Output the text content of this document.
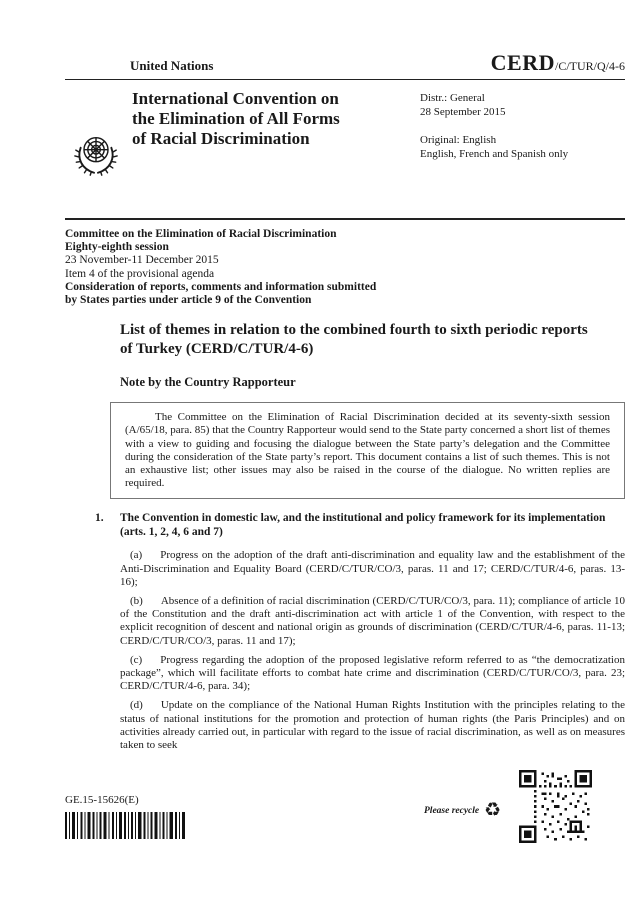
United Nations	CERD/C/TUR/Q/4-6
International Convention on
the Elimination of All Forms
of Racial Discrimination
Distr.: General
28 September 2015
Original: English
English, French and Spanish only
Committee on the Elimination of Racial Discrimination
Eighty-eighth session
23 November-11 December 2015
Item 4 of the provisional agenda
Consideration of reports, comments and information submitted
by States parties under article 9 of the Convention
List of themes in relation to the combined fourth to sixth periodic reports of Turkey (CERD/C/TUR/4-6)
Note by the Country Rapporteur

The Committee on the Elimination of Racial Discrimination decided at its seventy-sixth session (A/65/18, para. 85) that the Country Rapporteur would send to the State party concerned a short list of themes with a view to guiding and focusing the dialogue between the State party’s delegation and the Committee during the consideration of the State party’s report. This document contains a list of such themes. This is not an exhaustive list; other issues may also be raised in the course of the dialogue. No written replies are required.

1.	The Convention in domestic law, and the institutional and policy framework for its implementation (arts. 1, 2, 4, 6 and 7)

(a) Progress on the adoption of the draft anti-discrimination and equality law and the establishment of the Anti-Discrimination and Equality Board (CERD/C/TUR/CO/3, paras. 11 and 17; CERD/C/TUR/4-6, paras. 13-16);

(b) Absence of a definition of racial discrimination (CERD/C/TUR/CO/3, para. 11); compliance of article 10 of the Constitution and the draft anti-discrimination act with article 1 of the Convention, with respect to the explicit recognition of descent and national origin as grounds of discrimination (CERD/C/TUR/4-6, paras. 11-13; CERD/C/TUR/CO/3, paras. 11 and 17);

(c) Progress regarding the adoption of the proposed legislative reform referred to as “the democratization package”, which will facilitate efforts to combat hate crime and discrimination (CERD/C/TUR/CO/3, para. 23; CERD/C/TUR/4-6, para. 34);

(d) Update on the compliance of the National Human Rights Institution with the principles relating to the status of national institutions for the promotion and protection of human rights (the Paris Principles) and on activities already carried out, in particular with regard to the issue of racial discrimination, as well as on measures taken to seek

GE.15-15626(E)
Please recycle ♻
